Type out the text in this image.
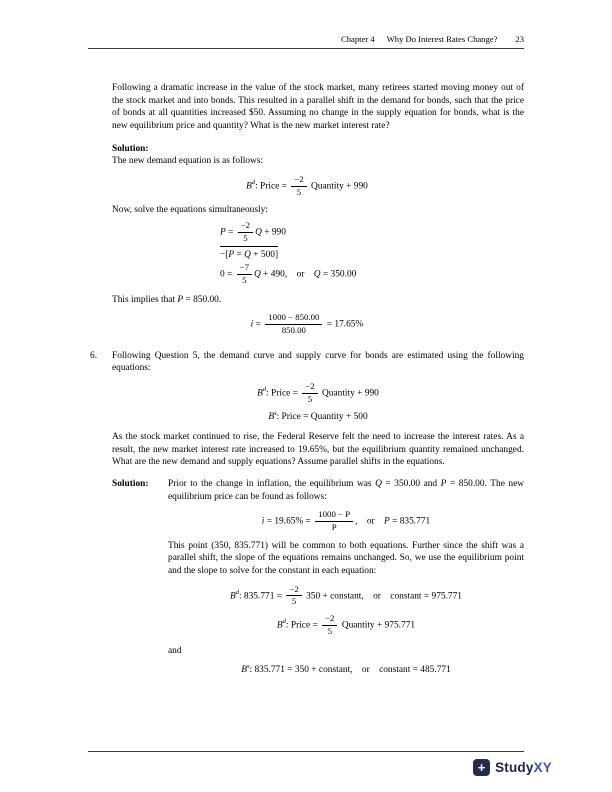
Chapter 4 Why Do Interest Rates Change? 23

Following a dramatic increase in the value of the stock market, many retirees started moving money out of the stock market and into bonds. This resulted in a parallel shift in the demand for bonds, such that the price of bonds at all quantities increased $50. Assuming no change in the supply equation for bonds, what is the new equilibrium price and quantity? What is the new market interest rate?

Solution:

The new demand equation is as follows:

$B^d$: Price = $\frac{-2}{5}$ Quantity + 990

Now, solve the equations simultaneously:

$P = \frac{-2}{5}$ Q + 990
−[P = Q + 500]
$0 = \frac{-7}{5}$ Q + 490,    or    Q = 350.00

This implies that P = 850.00.

$i = \frac{1000 - 850.00}{850.00} = 17.65\%$
6.	Following Question 5, the demand curve and supply curve for bonds are estimated using the following equations:

$B^d$: Price = $\frac{-2}{5}$ Quantity + 990
$B^s$: Price = Quantity + 500

As the stock market continued to rise, the Federal Reserve felt the need to increase the interest rates. As a result, the new market interest rate increased to 19.65%, but the equilibrium quantity remained unchanged. What are the new demand and supply equations? Assume parallel shifts in the equations.

Solution:	Prior to the change in inflation, the equilibrium was Q = 350.00 and P = 850.00. The new equilibrium price can be found as follows:

$i = 19.65\% = \frac{1000 - P}{P}$ ,    or    P = 835.771

This point (350, 835.771) will be common to both equations. Further since the shift was a parallel shift, the slope of the equations remains unchanged. So, we use the equilibrium point and the slope to solve for the constant in each equation:

$B^d$: $835.771 = \frac{-2}{5} 350$ + constant,    or    constant = 975.771
$B^d$: Price = $\frac{-2}{5}$ Quantity + 975.771

and

$B^s$: 835.771 = 350 + constant,    or    constant = 485.771
+ StudyXY
